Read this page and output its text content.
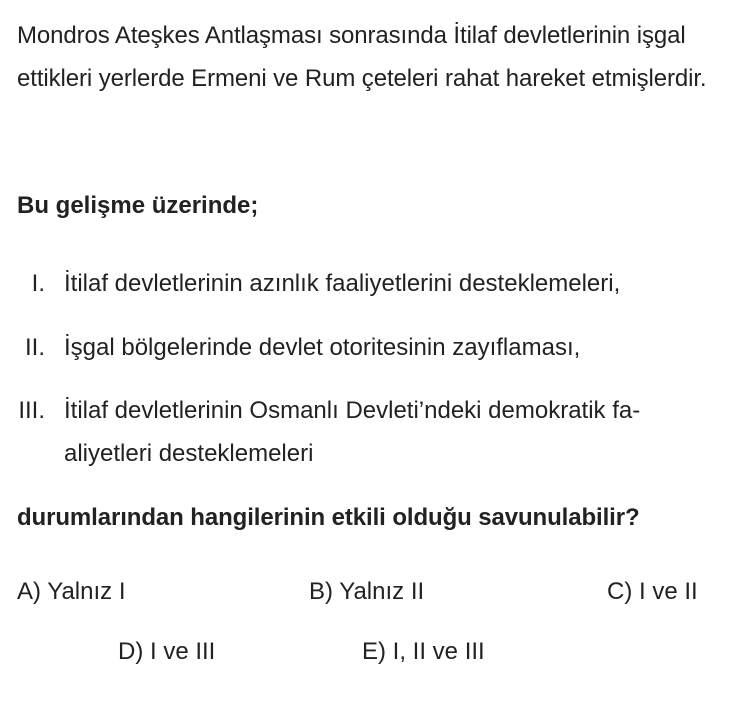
Mondros Ateşkes Antlaşması sonrasında İtilaf devletlerinin işgal ettikleri yerlerde Ermeni ve Rum çeteleri rahat hareket etmişlerdir.

Bu gelişme üzerinde;

I. İtilaf devletlerinin azınlık faaliyetlerini desteklemeleri,
II. İşgal bölgelerinde devlet otoritesinin zayıflaması,
III. İtilaf devletlerinin Osmanlı Devleti’ndeki demokratik fa-aliyetleri desteklemeleri

durumlarından hangilerinin etkili olduğu savunulabilir?

A) Yalnız I	B) Yalnız II	C) I ve II
D) I ve III	E) I, II ve III
